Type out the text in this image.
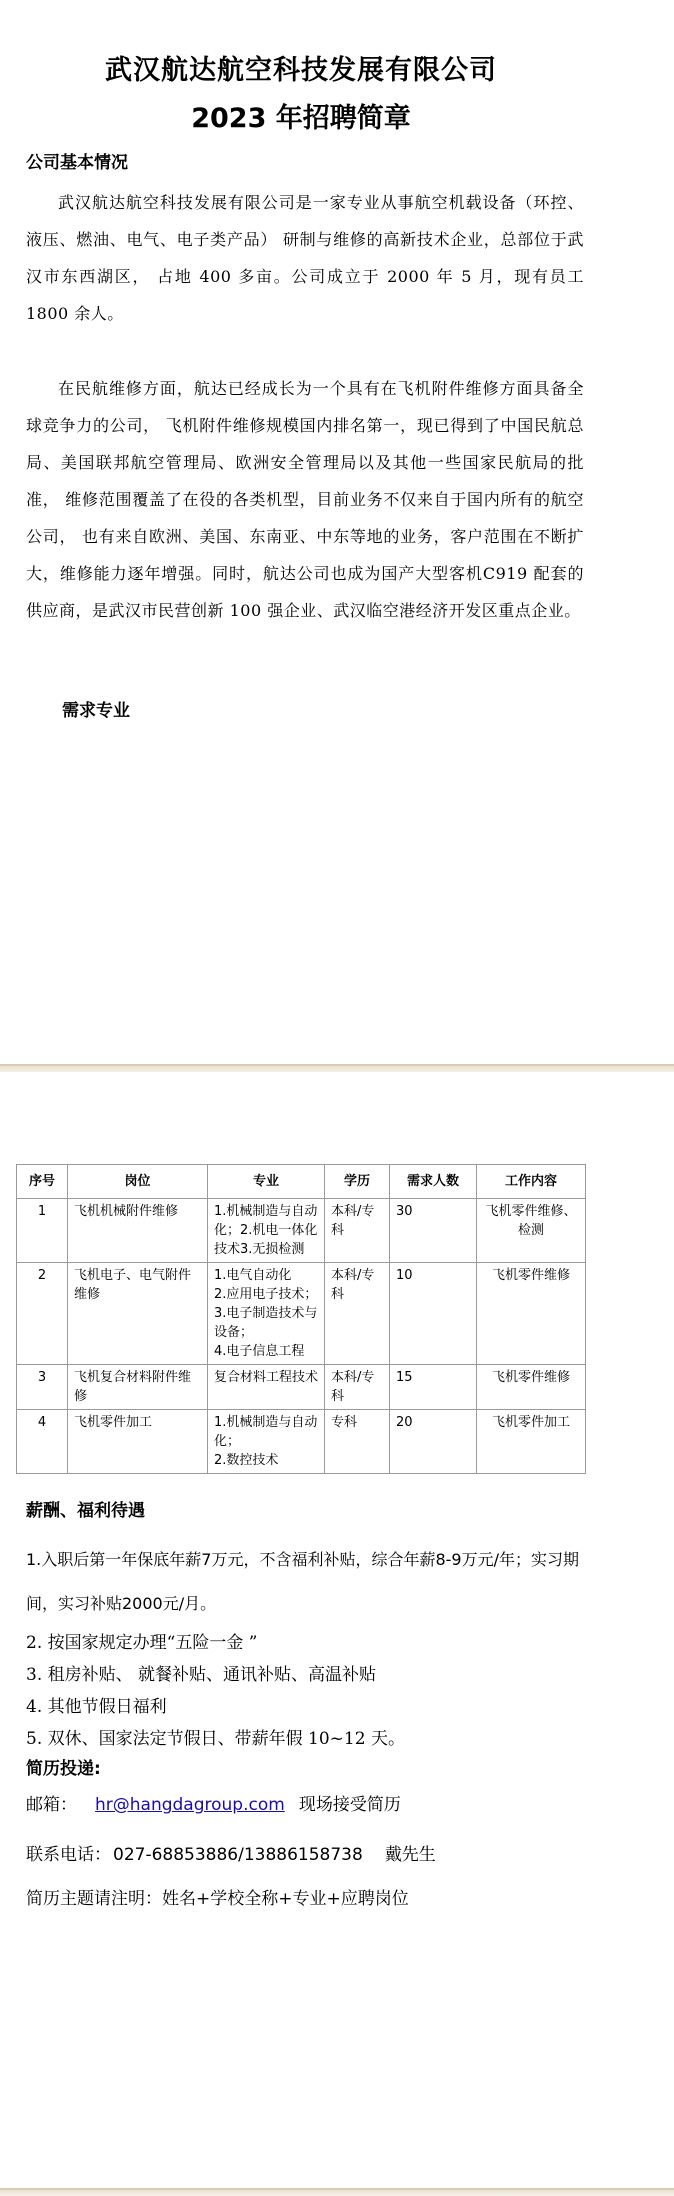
武汉航达航空科技发展有限公司
2023 年招聘简章
公司基本情况
武汉航达航空科技发展有限公司是一家专业从事航空机载设备（环控、液压、燃油、电气、电子类产品） 研制与维修的高新技术企业，总部位于武汉市东西湖区， 占地 400 多亩。公司成立于 2000 年 5 月，现有员工 1800 余人。
在民航维修方面，航达已经成长为一个具有在飞机附件维修方面具备全球竞争力的公司， 飞机附件维修规模国内排名第一，现已得到了中国民航总局、美国联邦航空管理局、欧洲安全管理局以及其他一些国家民航局的批准， 维修范围覆盖了在役的各类机型，目前业务不仅来自于国内所有的航空公司， 也有来自欧洲、美国、东南亚、中东等地的业务，客户范围在不断扩大，维修能力逐年增强。同时，航达公司也成为国产大型客机C919 配套的供应商，是武汉市民营创新 100 强企业、武汉临空港经济开发区重点企业。
需求专业
序号	岗位	专业	学历	需求人数	工作内容
1	飞机机械附件维修	1.机械制造与自动化；2.机电一体化技术3.无损检测	本科/专科	30	飞机零件维修、检测
2	飞机电子、电气附件维修	1.电气自动化
2.应用电子技术；
3.电子制造技术与设备；
4.电子信息工程	本科/专科	10	飞机零件维修
3	飞机复合材料附件维修	复合材料工程技术	本科/专科	15	飞机零件维修
4	飞机零件加工	1.机械制造与自动化；
2.数控技术	专科	20	飞机零件加工
薪酬、福利待遇
1.入职后第一年保底年薪7万元，不含福利补贴，综合年薪8-9万元/年；实习期间，实习补贴2000元/月。
2. 按国家规定办理“五险一金 ”
3. 租房补贴、 就餐补贴、通讯补贴、高温补贴
4. 其他节假日福利
5. 双休、国家法定节假日、带薪年假 10~12 天。
简历投递:
邮箱： hr@hangdagroup.com 现场接受简历
联系电话： 027-68853886/13886158738 戴先生
简历主题请注明：姓名+学校全称+专业+应聘岗位
